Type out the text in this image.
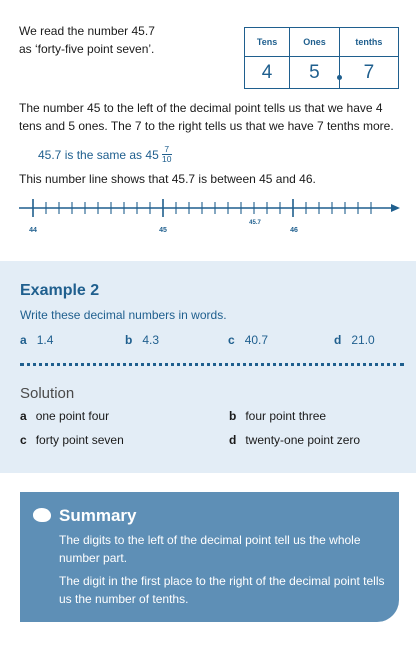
We read the number 45.7
as ‘forty-five point seven’.	Tens	Ones	tenths
4	5	7
The number 45 to the left of the decimal point tells us that we have 4 tens and 5 ones. The 7 to the right tells us that we have 7 tenths more.
45.7 is the same as $45 \frac{7}{10}$
This number line shows that 45.7 is between 45 and 46.
44	45
45.7
46
Example 2
Write these decimal numbers in words.
a 1.4	b 4.3	c 40.7	d 21.0
Solution
a one point four	b four point three
c forty point seven	d twenty-one point zero
Summary
The digits to the left of the decimal point tell us the whole number part.
The digit in the first place to the right of the decimal point tells us the number of tenths.
